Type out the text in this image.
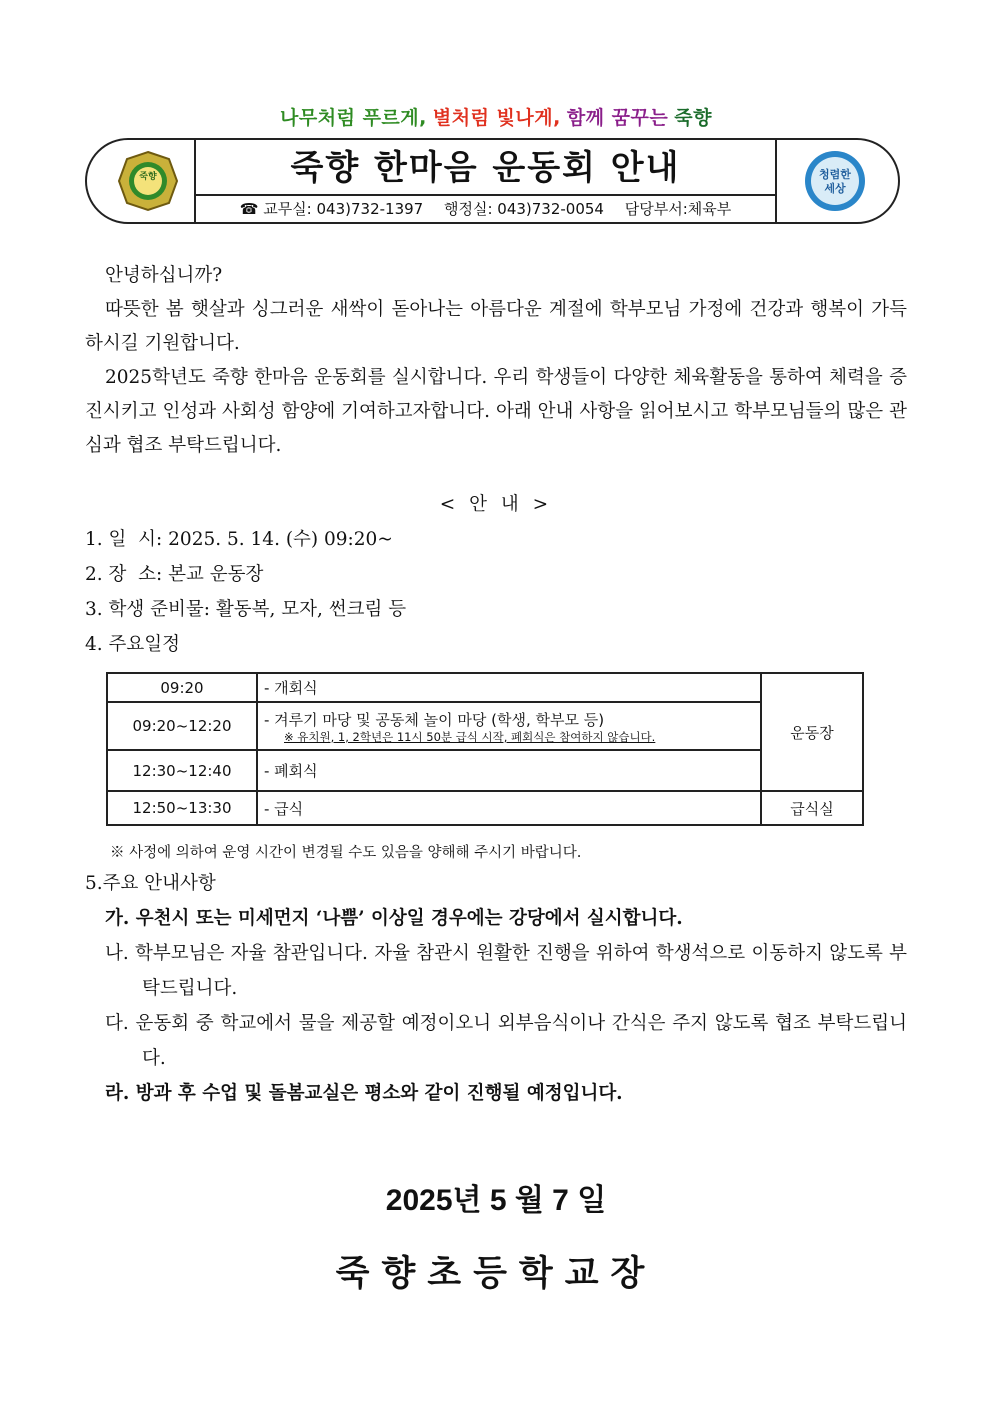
나무처럼 푸르게, 별처럼 빛나게, 함께 꿈꾸는 죽향
죽향	죽향 한마음 운동회 안내
☎ 교무실: 043)732-1397 행정실: 043)732-0054 담당부서:체육부
청렴한
세상

안녕하십니까?

따뜻한 봄 햇살과 싱그러운 새싹이 돋아나는 아름다운 계절에 학부모님 가정에 건강과 행복이 가득 하시길 기원합니다.

2025학년도 죽향 한마음 운동회를 실시합니다. 우리 학생들이 다양한 체육활동을 통하여 체력을 증진시키고 인성과 사회성 함양에 기여하고자합니다. 아래 안내 사항을 읽어보시고 학부모님들의 많은 관심과 협조 부탁드립니다.

< 안 내 >
1. 일  시: 2025. 5. 14. (수) 09:20~
2. 장  소: 본교 운동장
3. 학생 준비물: 활동복, 모자, 썬크림 등
4. 주요일정
09:20	- 개회식	운동장
09:20~12:20	- 겨루기 마당 및 공동체 놀이 마당 (학생, 학부모 등)
※ 유치원, 1, 2학년은 11시 50분 급식 시작, 폐회식은 참여하지 않습니다.	

12:30~12:40	- 폐회식	
12:50~13:30	- 급식	급식실
※ 사정에 의하여 운영 시간이 변경될 수도 있음을 양해해 주시기 바랍니다.
5.주요 안내사항
가. 우천시 또는 미세먼지 ‘나쁨’ 이상일 경우에는 강당에서 실시합니다.
나. 학부모님은 자율 참관입니다. 자율 참관시 원활한 진행을 위하여 학생석으로 이동하지 않도록 부탁드립니다.
다. 운동회 중 학교에서 물을 제공할 예정이오니 외부음식이나 간식은 주지 않도록 협조 부탁드립니다.
라. 방과 후 수업 및 돌봄교실은 평소와 같이 진행될 예정입니다.
2025년 5 월 7 일
죽향초등학교장
